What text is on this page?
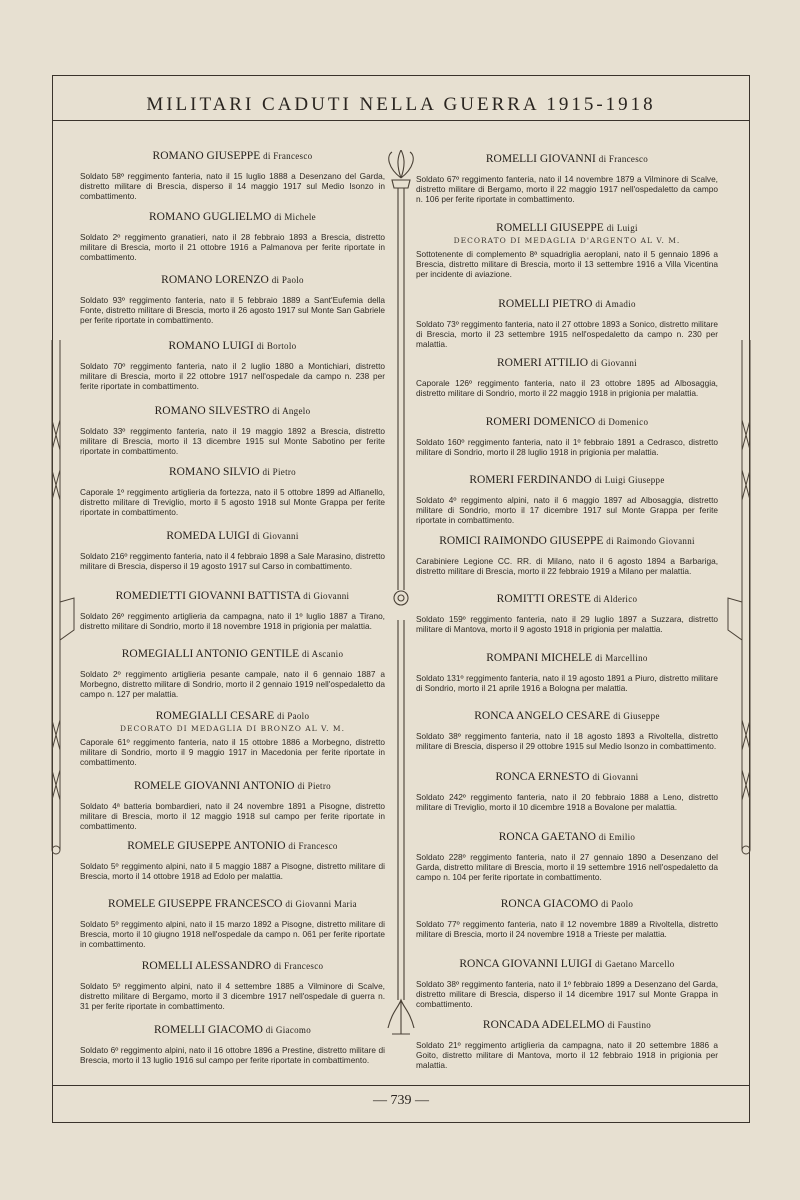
MILITARI CADUTI NELLA GUERRA 1915-1918
ROMANO GIUSEPPE di Francesco
Soldato 58º reggimento fanteria, nato il 15 luglio 1888 a Desenzano del Garda, distretto militare di Brescia, disperso il 14 maggio 1917 sul Medio Isonzo in combattimento.
ROMANO GUGLIELMO di Michele
Soldato 2º reggimento granatieri, nato il 28 febbraio 1893 a Brescia, distretto militare di Brescia, morto il 21 ottobre 1916 a Palmanova per ferite riportate in combattimento.
ROMANO LORENZO di Paolo
Soldato 93º reggimento fanteria, nato il 5 febbraio 1889 a Sant'Eufemia della Fonte, distretto militare di Brescia, morto il 26 agosto 1917 sul Monte San Gabriele per ferite riportate in combattimento.
ROMANO LUIGI di Bortolo
Soldato 70º reggimento fanteria, nato il 2 luglio 1880 a Montichiari, distretto militare di Brescia, morto il 22 ottobre 1917 nell'ospedale da campo n. 238 per ferite riportate in combattimento.
ROMANO SILVESTRO di Angelo
Soldato 33º reggimento fanteria, nato il 19 maggio 1892 a Brescia, distretto militare di Brescia, morto il 13 dicembre 1915 sul Monte Sabotino per ferite riportate in combattimento.
ROMANO SILVIO di Pietro
Caporale 1º reggimento artiglieria da fortezza, nato il 5 ottobre 1899 ad Alfianello, distretto militare di Treviglio, morto il 5 agosto 1918 sul Monte Grappa per ferite riportate in combattimento.
ROMEDA LUIGI di Giovanni
Soldato 216º reggimento fanteria, nato il 4 febbraio 1898 a Sale Marasino, distretto militare di Brescia, disperso il 19 agosto 1917 sul Carso in combattimento.
ROMEDIETTI GIOVANNI BATTISTA di Giovanni
Soldato 26º reggimento artiglieria da campagna, nato il 1º luglio 1887 a Tirano, distretto militare di Sondrio, morto il 18 novembre 1918 in prigionia per malattia.
ROMEGIALLI ANTONIO GENTILE di Ascanio
Soldato 2º reggimento artiglieria pesante campale, nato il 6 gennaio 1887 a Morbegno, distretto militare di Sondrio, morto il 2 gennaio 1919 nell'ospedaletto da campo n. 127 per malattia.
ROMEGIALLI CESARE di Paolo
DECORATO DI MEDAGLIA DI BRONZO AL V. M.
Caporale 61º reggimento fanteria, nato il 15 ottobre 1886 a Morbegno, distretto militare di Sondrio, morto il 9 maggio 1917 in Macedonia per ferite riportate in combattimento.
ROMELE GIOVANNI ANTONIO di Pietro
Soldato 4ª batteria bombardieri, nato il 24 novembre 1891 a Pisogne, distretto militare di Brescia, morto il 12 maggio 1918 sul campo per ferite riportate in combattimento.
ROMELE GIUSEPPE ANTONIO di Francesco
Soldato 5º reggimento alpini, nato il 5 maggio 1887 a Pisogne, distretto militare di Brescia, morto il 14 ottobre 1918 ad Edolo per malattia.
ROMELE GIUSEPPE FRANCESCO di Giovanni Maria
Soldato 5º reggimento alpini, nato il 15 marzo 1892 a Pisogne, distretto militare di Brescia, morto il 10 giugno 1918 nell'ospedale da campo n. 061 per ferite riportate in combattimento.
ROMELLI ALESSANDRO di Francesco
Soldato 5º reggimento alpini, nato il 4 settembre 1885 a Vilminore di Scalve, distretto militare di Bergamo, morto il 3 dicembre 1917 nell'ospedale di guerra n. 31 per ferite riportate in combattimento.
ROMELLI GIACOMO di Giacomo
Soldato 6º reggimento alpini, nato il 16 ottobre 1896 a Prestine, distretto militare di Brescia, morto il 13 luglio 1916 sul campo per ferite riportate in combattimento.
ROMELLI GIOVANNI di Francesco
Soldato 67º reggimento fanteria, nato il 14 novembre 1879 a Vilminore di Scalve, distretto militare di Bergamo, morto il 22 maggio 1917 nell'ospedaletto da campo n. 106 per ferite riportate in combattimento.
ROMELLI GIUSEPPE di Luigi
DECORATO DI MEDAGLIA D'ARGENTO AL V. M.
Sottotenente di complemento 8ª squadriglia aeroplani, nato il 5 gennaio 1896 a Brescia, distretto militare di Brescia, morto il 13 settembre 1916 a Villa Vicentina per incidente di aviazione.
ROMELLI PIETRO di Amadio
Soldato 73º reggimento fanteria, nato il 27 ottobre 1893 a Sonico, distretto militare di Brescia, morto il 23 settembre 1915 nell'ospedaletto da campo n. 230 per malattia.
ROMERI ATTILIO di Giovanni
Caporale 126º reggimento fanteria, nato il 23 ottobre 1895 ad Albosaggia, distretto militare di Sondrio, morto il 22 maggio 1918 in prigionia per malattia.
ROMERI DOMENICO di Domenico
Soldato 160º reggimento fanteria, nato il 1º febbraio 1891 a Cedrasco, distretto militare di Sondrio, morto il 28 luglio 1918 in prigionia per malattia.
ROMERI FERDINANDO di Luigi Giuseppe
Soldato 4º reggimento alpini, nato il 6 maggio 1897 ad Albosaggia, distretto militare di Sondrio, morto il 17 dicembre 1917 sul Monte Grappa per ferite riportate in combattimento.
ROMICI RAIMONDO GIUSEPPE di Raimondo Giovanni
Carabiniere Legione CC. RR. di Milano, nato il 6 agosto 1894 a Barbariga, distretto militare di Brescia, morto il 22 febbraio 1919 a Milano per malattia.
ROMITTI ORESTE di Alderico
Soldato 159º reggimento fanteria, nato il 29 luglio 1897 a Suzzara, distretto militare di Mantova, morto il 9 agosto 1918 in prigionia per malattia.
ROMPANI MICHELE di Marcellino
Soldato 131º reggimento fanteria, nato il 19 agosto 1891 a Piuro, distretto militare di Sondrio, morto il 21 aprile 1916 a Bologna per malattia.
RONCA ANGELO CESARE di Giuseppe
Soldato 38º reggimento fanteria, nato il 18 agosto 1893 a Rivoltella, distretto militare di Brescia, disperso il 29 ottobre 1915 sul Medio Isonzo in combattimento.
RONCA ERNESTO di Giovanni
Soldato 242º reggimento fanteria, nato il 20 febbraio 1888 a Leno, distretto militare di Treviglio, morto il 10 dicembre 1918 a Bovalone per malattia.
RONCA GAETANO di Emilio
Soldato 228º reggimento fanteria, nato il 27 gennaio 1890 a Desenzano del Garda, distretto militare di Brescia, morto il 19 settembre 1916 nell'ospedaletto da campo n. 104 per ferite riportate in combattimento.
RONCA GIACOMO di Paolo
Soldato 77º reggimento fanteria, nato il 12 novembre 1889 a Rivoltella, distretto militare di Brescia, morto il 24 novembre 1918 a Trieste per malattia.
RONCA GIOVANNI LUIGI di Gaetano Marcello
Soldato 38º reggimento fanteria, nato il 1º febbraio 1899 a Desenzano del Garda, distretto militare di Brescia, disperso il 14 dicembre 1917 sul Monte Grappa in combattimento.
RONCADA ADELELMO di Faustino
Soldato 21º reggimento artiglieria da campagna, nato il 20 settembre 1886 a Goito, distretto militare di Mantova, morto il 12 febbraio 1918 in prigionia per malattia.
— 739 —
